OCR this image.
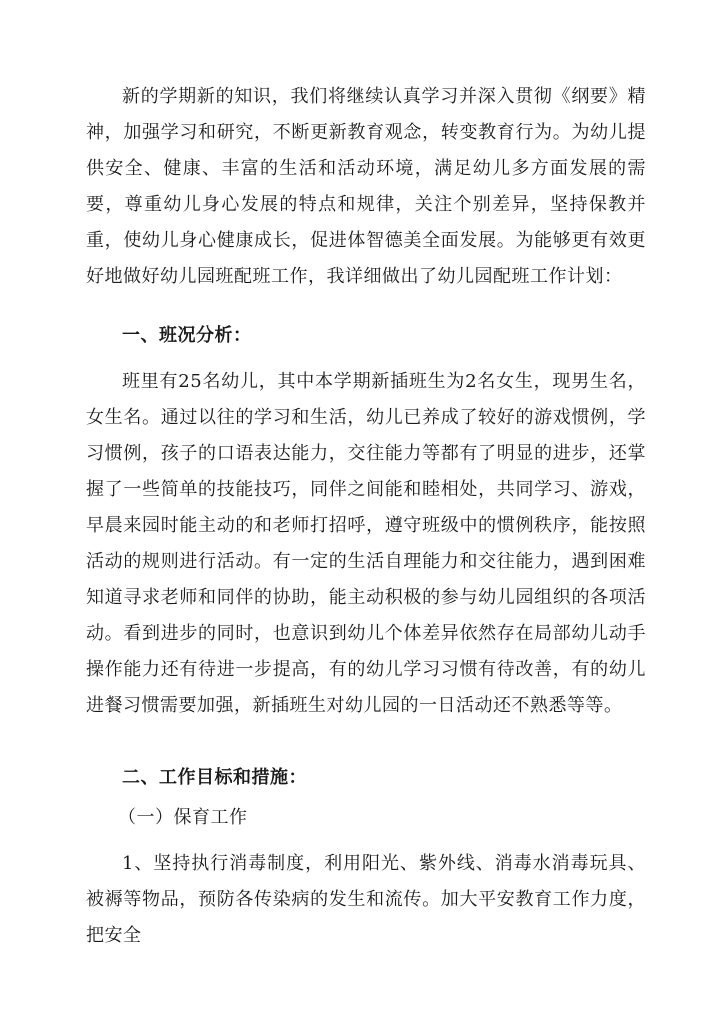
新的学期新的知识，我们将继续认真学习并深入贯彻《纲要》精神，加强学习和研究，不断更新教育观念，转变教育行为。为幼儿提供安全、健康、丰富的生活和活动环境，满足幼儿多方面发展的需要，尊重幼儿身心发展的特点和规律，关注个别差异，坚持保教并重，使幼儿身心健康成长，促进体智德美全面发展。为能够更有效更好地做好幼儿园班配班工作，我详细做出了幼儿园配班工作计划：

一、班况分析：

班里有25名幼儿，其中本学期新插班生为2名女生，现男生名，女生名。通过以往的学习和生活，幼儿已养成了较好的游戏惯例，学习惯例，孩子的口语表达能力，交往能力等都有了明显的进步，还掌握了一些简单的技能技巧，同伴之间能和睦相处，共同学习、游戏，早晨来园时能主动的和老师打招呼，遵守班级中的惯例秩序，能按照活动的规则进行活动。有一定的生活自理能力和交往能力，遇到困难知道寻求老师和同伴的协助，能主动积极的参与幼儿园组织的各项活动。看到进步的同时，也意识到幼儿个体差异依然存在局部幼儿动手操作能力还有待进一步提高，有的幼儿学习习惯有待改善，有的幼儿进餐习惯需要加强，新插班生对幼儿园的一日活动还不熟悉等等。

二、工作目标和措施：
（一）保育工作

1、坚持执行消毒制度，利用阳光、紫外线、消毒水消毒玩具、被褥等物品，预防各传染病的发生和流传。加大平安教育工作力度，把安全
